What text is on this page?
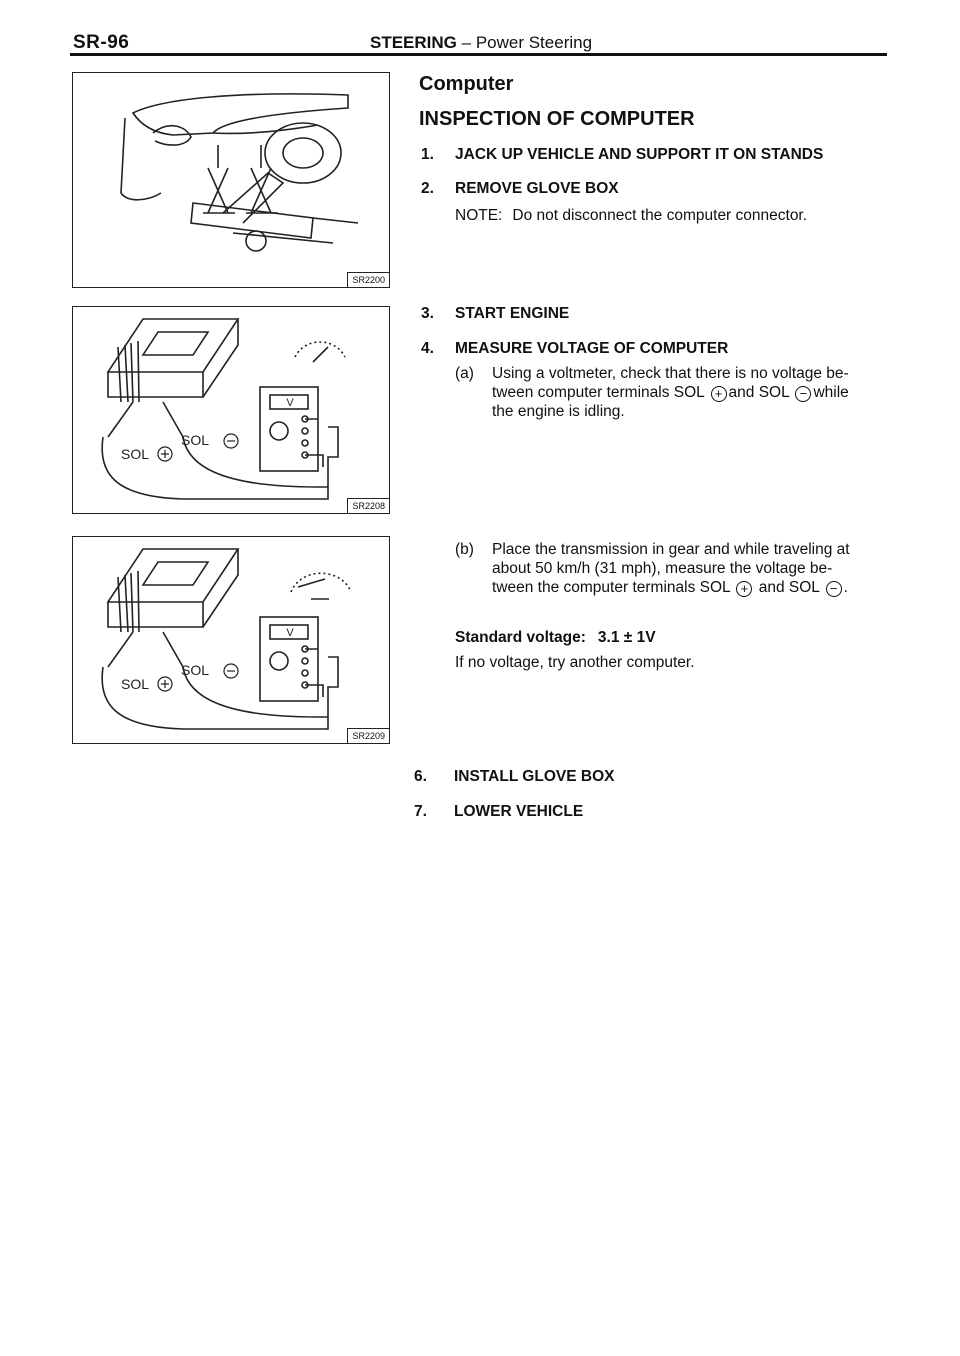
SR-96	STEERING – Power Steering
SR2200
V
SOL
SOL
SR2208
V
SOL
SOL
SR2209
Computer
INSPECTION OF COMPUTER
1. JACK UP VEHICLE AND SUPPORT IT ON STANDS
2. REMOVE GLOVE BOX
NOTE: Do not disconnect the computer connector.
3. START ENGINE
4. MEASURE VOLTAGE OF COMPUTER
(a) Using a voltmeter, check that there is no voltage be-
tween computer terminals SOL + and SOL − while
the engine is idling.
(b) Place the transmission in gear and while traveling at
about 50 km/h (31 mph), measure the voltage be-
tween the computer terminals SOL + and SOL − .
Standard voltage: 3.1 ± 1V
If no voltage, try another computer.
6. INSTALL GLOVE BOX
7. LOWER VEHICLE
